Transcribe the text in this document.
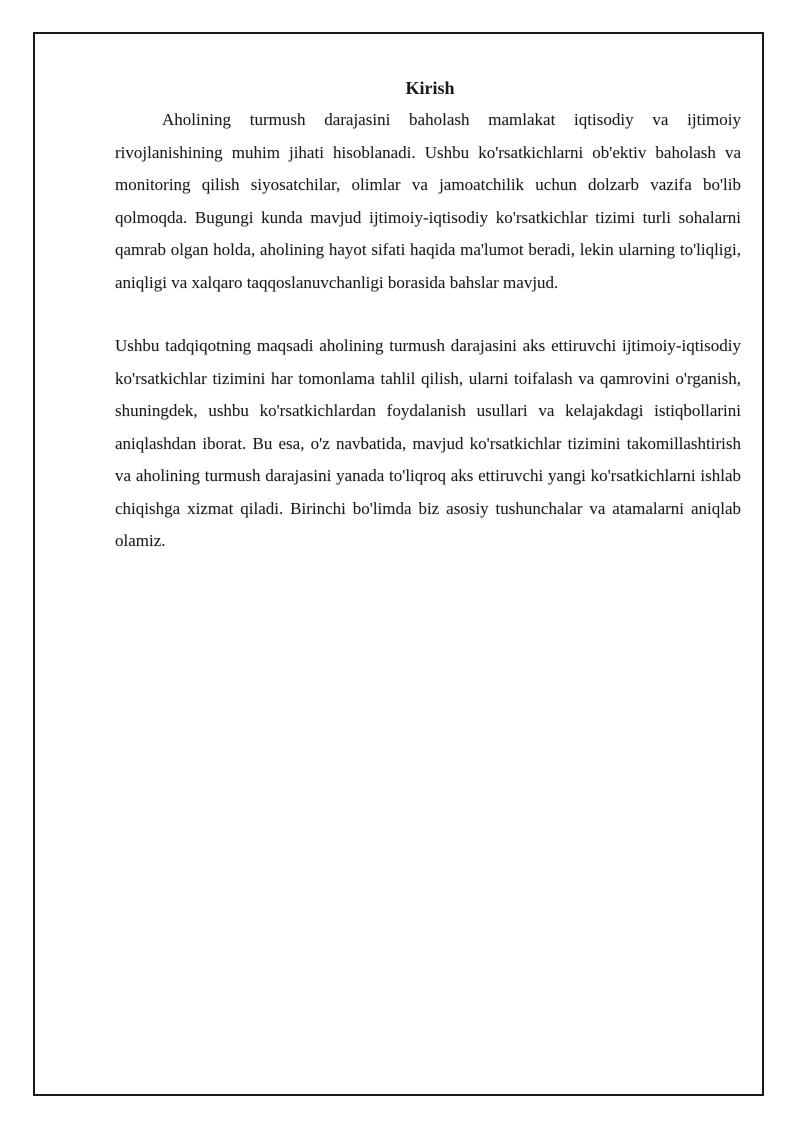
Kirish

Aholining turmush darajasini baholash mamlakat iqtisodiy va ijtimoiy rivojlanishining muhim jihati hisoblanadi. Ushbu ko'rsatkichlarni ob'ektiv baholash va monitoring qilish siyosatchilar, olimlar va jamoatchilik uchun dolzarb vazifa bo'lib qolmoqda. Bugungi kunda mavjud ijtimoiy-iqtisodiy ko'rsatkichlar tizimi turli sohalarni qamrab olgan holda, aholining hayot sifati haqida ma'lumot beradi, lekin ularning to'liqligi, aniqligi va xalqaro taqqoslanuvchanligi borasida bahslar mavjud.

Ushbu tadqiqotning maqsadi aholining turmush darajasini aks ettiruvchi ijtimoiy-iqtisodiy ko'rsatkichlar tizimini har tomonlama tahlil qilish, ularni toifalash va qamrovini o'rganish, shuningdek, ushbu ko'rsatkichlardan foydalanish usullari va kelajakdagi istiqbollarini aniqlashdan iborat. Bu esa, o'z navbatida, mavjud ko'rsatkichlar tizimini takomillashtirish va aholining turmush darajasini yanada to'liqroq aks ettiruvchi yangi ko'rsatkichlarni ishlab chiqishga xizmat qiladi. Birinchi bo'limda biz asosiy tushunchalar va atamalarni aniqlab olamiz.
